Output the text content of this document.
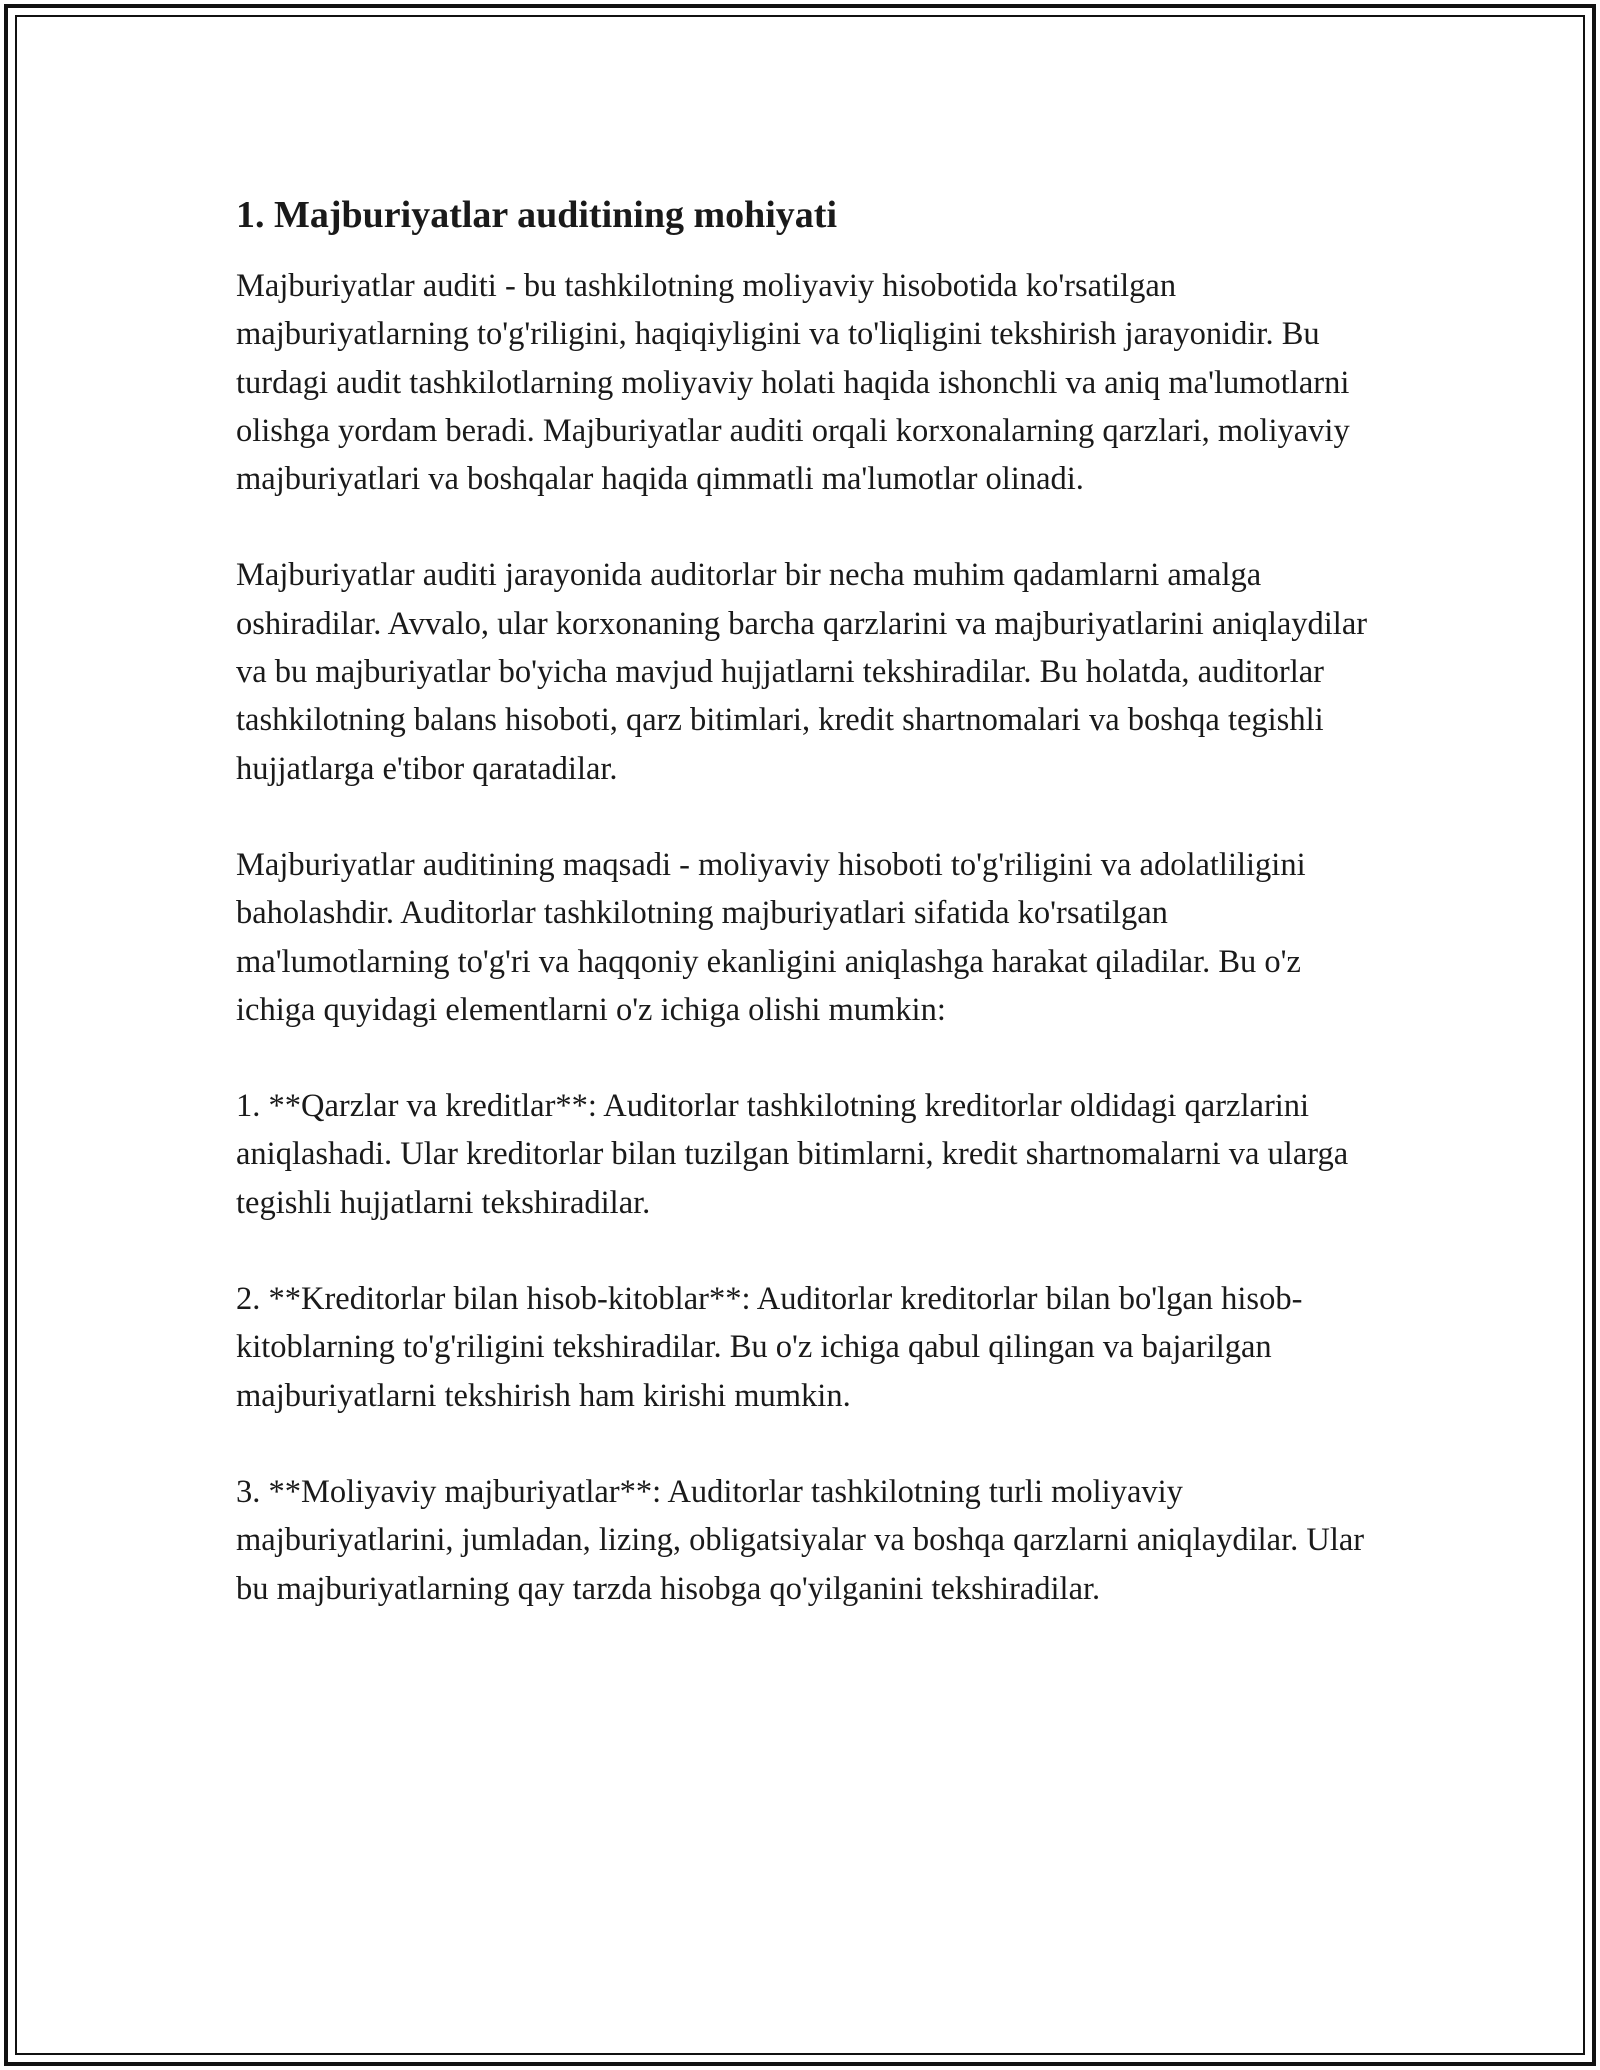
1. Majburiyatlar auditining mohiyati

Majburiyatlar auditi - bu tashkilotning moliyaviy hisobotida ko'rsatilgan majburiyatlarning to'g'riligini, haqiqiyligini va to'liqligini tekshirish jarayonidir. Bu turdagi audit tashkilotlarning moliyaviy holati haqida ishonchli va aniq ma'lumotlarni olishga yordam beradi. Majburiyatlar auditi orqali korxonalarning qarzlari, moliyaviy majburiyatlari va boshqalar haqida qimmatli ma'lumotlar olinadi.

Majburiyatlar auditi jarayonida auditorlar bir necha muhim qadamlarni amalga oshiradilar. Avvalo, ular korxonaning barcha qarzlarini va majburiyatlarini aniqlaydilar va bu majburiyatlar bo'yicha mavjud hujjatlarni tekshiradilar. Bu holatda, auditorlar tashkilotning balans hisoboti, qarz bitimlari, kredit shartnomalari va boshqa tegishli hujjatlarga e'tibor qaratadilar.

Majburiyatlar auditining maqsadi - moliyaviy hisoboti to'g'riligini va adolatliligini baholashdir. Auditorlar tashkilotning majburiyatlari sifatida ko'rsatilgan ma'lumotlarning to'g'ri va haqqoniy ekanligini aniqlashga harakat qiladilar. Bu o'z ichiga quyidagi elementlarni o'z ichiga olishi mumkin:

1. **Qarzlar va kreditlar**: Auditorlar tashkilotning kreditorlar oldidagi qarzlarini aniqlashadi. Ular kreditorlar bilan tuzilgan bitimlarni, kredit shartnomalarni va ularga tegishli hujjatlarni tekshiradilar.

2. **Kreditorlar bilan hisob-kitoblar**: Auditorlar kreditorlar bilan bo'lgan hisob-kitoblarning to'g'riligini tekshiradilar. Bu o'z ichiga qabul qilingan va bajarilgan majburiyatlarni tekshirish ham kirishi mumkin.

3. **Moliyaviy majburiyatlar**: Auditorlar tashkilotning turli moliyaviy majburiyatlarini, jumladan, lizing, obligatsiyalar va boshqa qarzlarni aniqlaydilar. Ular bu majburiyatlarning qay tarzda hisobga qo'yilganini tekshiradilar.
